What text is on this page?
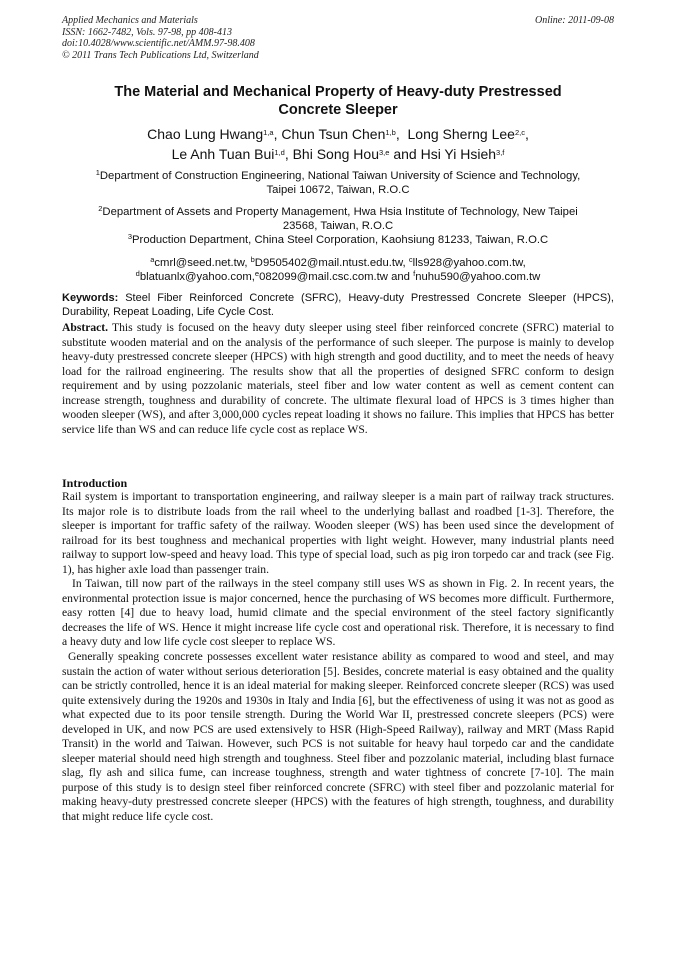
Applied Mechanics and Materials
ISSN: 1662-7482, Vols. 97-98, pp 408-413
doi:10.4028/www.scientific.net/AMM.97-98.408
© 2011 Trans Tech Publications Ltd, Switzerland
Online: 2011-09-08
The Material and Mechanical Property of Heavy-duty Prestressed
Concrete Sleeper
Chao Lung Hwang$^{1,a}$, Chun Tsun Chen$^{1,b}$,  Long Sherng Lee$^{2,c}$,
Le Anh Tuan Bui$^{1,d}$, Bhi Song Hou$^{3,e}$ and Hsi Yi Hsieh$^{3,f}$
$^1$Department of Construction Engineering, National Taiwan University of Science and Technology,
Taipei 10672, Taiwan, R.O.C
$^2$Department of Assets and Property Management, Hwa Hsia Institute of Technology, New Taipei
23568, Taiwan, R.O.C
$^3$Production Department, China Steel Corporation, Kaohsiung 81233, Taiwan, R.O.C
$^a$cmrl@seed.net.tw, $^b$D9505402@mail.ntust.edu.tw, $^c$lls928@yahoo.com.tw,
$^d$blatuanlx@yahoo.com,$^e$082099@mail.csc.com.tw and $^f$nuhu590@yahoo.com.tw
Keywords: Steel Fiber Reinforced Concrete (SFRC), Heavy-duty Prestressed Concrete Sleeper (HPCS), Durability, Repeat Loading, Life Cycle Cost.
Abstract. This study is focused on the heavy duty sleeper using steel fiber reinforced concrete (SFRC) material to substitute wooden material and on the analysis of the performance of such sleeper. The purpose is mainly to develop heavy-duty prestressed concrete sleeper (HPCS) with high strength and good ductility, and to meet the needs of heavy load for the railroad engineering. The results show that all the properties of designed SFRC conform to design requirement and by using pozzolanic materials, steel fiber and low water content as well as cement content can increase strength, toughness and durability of concrete. The ultimate flexural load of HPCS is 3 times higher than wooden sleeper (WS), and after 3,000,000 cycles repeat loading it shows no failure. This implies that HPCS has better service life than WS and can reduce life cycle cost as replace WS.
Introduction

Rail system is important to transportation engineering, and railway sleeper is a main part of railway track structures. Its major role is to distribute loads from the rail wheel to the underlying ballast and roadbed [1-3]. Therefore, the sleeper is important for traffic safety of the railway. Wooden sleeper (WS) has been used since the development of railroad for its best toughness and mechanical properties with light weight. However, many industrial plants need railway to support low-speed and heavy load. This type of special load, such as pig iron torpedo car and track (see Fig. 1), has higher axle load than passenger train.

In Taiwan, till now part of the railways in the steel company still uses WS as shown in Fig. 2. In recent years, the environmental protection issue is major concerned, hence the purchasing of WS becomes more difficult. Furthermore, easy rotten [4] due to heavy load, humid climate and the special environment of the steel factory significantly decreases the life of WS. Hence it might increase life cycle cost and operational risk. Therefore, it is necessary to find a heavy duty and low life cycle cost sleeper to replace WS.

Generally speaking concrete possesses excellent water resistance ability as compared to wood and steel, and may sustain the action of water without serious deterioration [5]. Besides, concrete material is easy obtained and the quality can be strictly controlled, hence it is an ideal material for making sleeper. Reinforced concrete sleeper (RCS) was used quite extensively during the 1920s and 1930s in Italy and India [6], but the effectiveness of using it was not as good as what expected due to its poor tensile strength. During the World War II, prestressed concrete sleepers (PCS) were developed in UK, and now PCS are used extensively to HSR (High-Speed Railway), railway and MRT (Mass Rapid Transit) in the world and Taiwan. However, such PCS is not suitable for heavy haul torpedo car and the candidate sleeper material should need high strength and toughness. Steel fiber and pozzolanic material, including blast furnace slag, fly ash and silica fume, can increase toughness, strength and water tightness of concrete [7-10]. The main purpose of this study is to design steel fiber reinforced concrete (SFRC) with steel fiber and pozzolanic material for making heavy-duty prestressed concrete sleeper (HPCS) with the features of high strength, toughness, and durability that might reduce life cycle cost.
